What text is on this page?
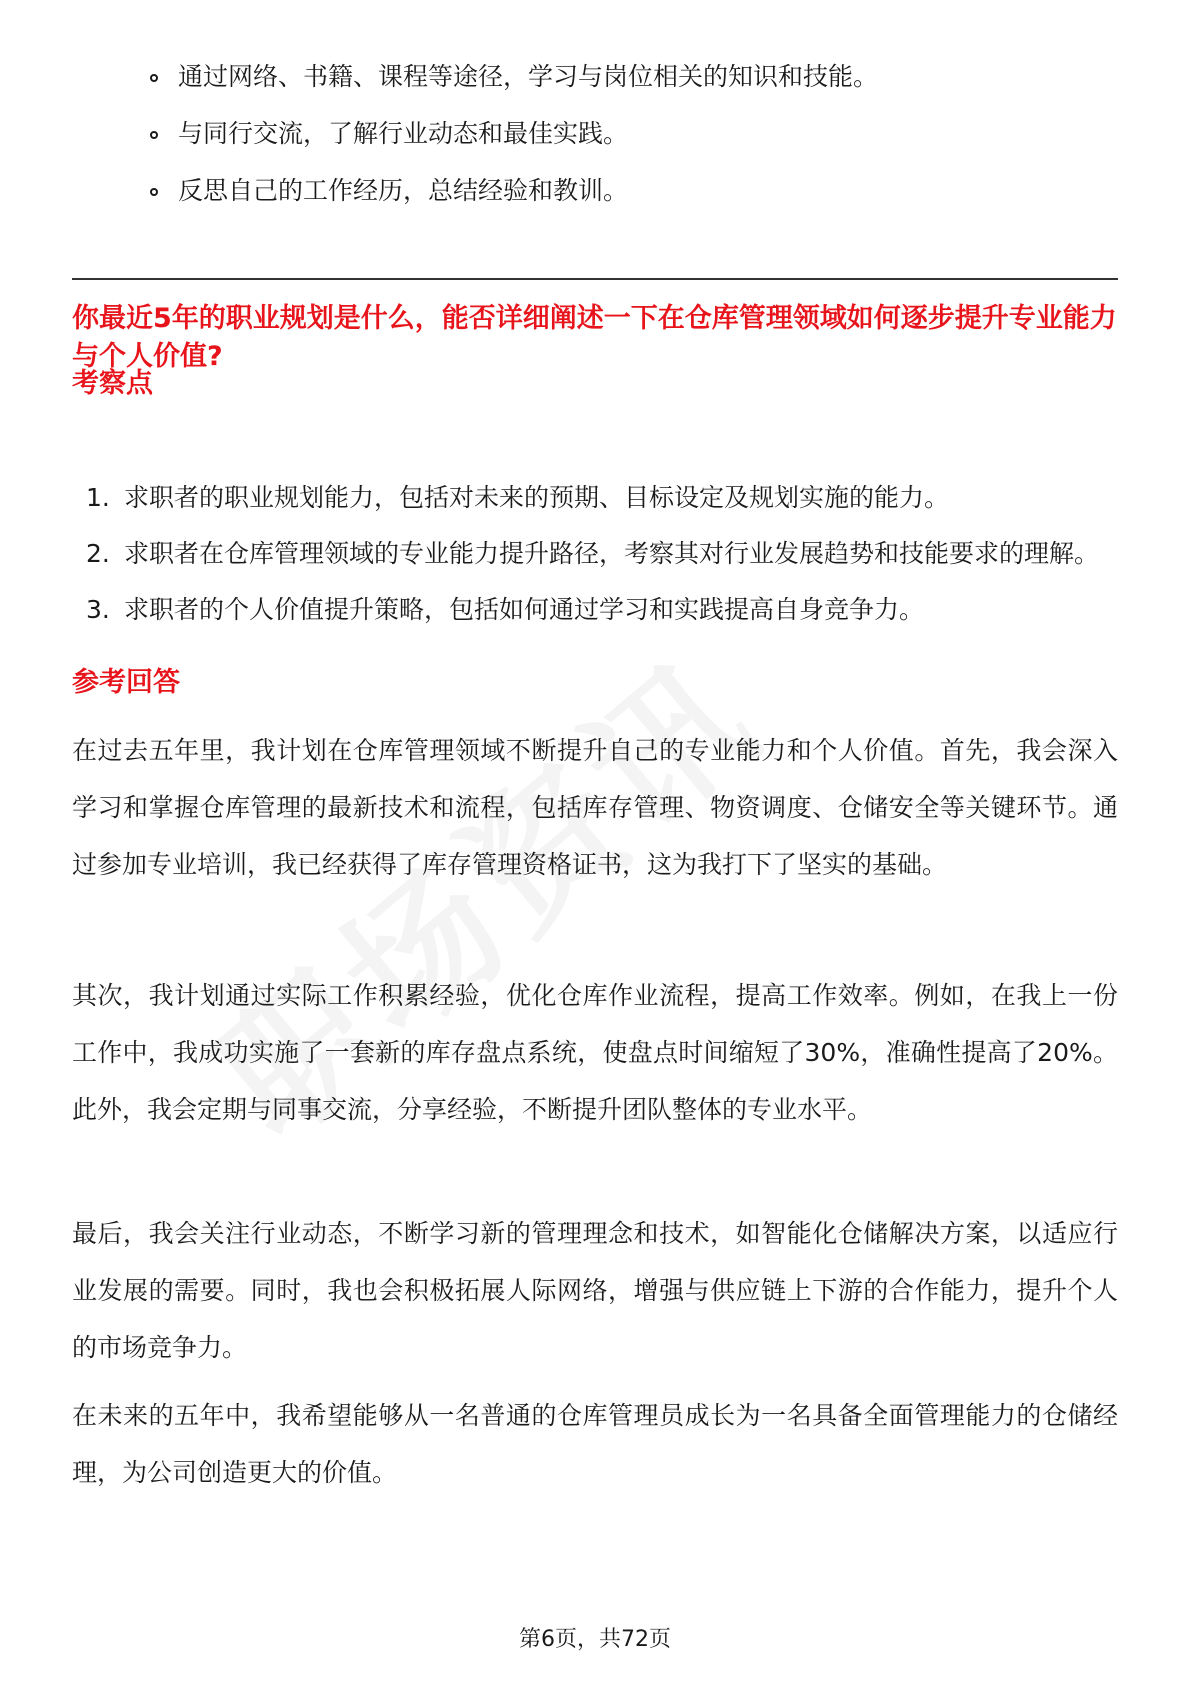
通过网络、书籍、课程等途径，学习与岗位相关的知识和技能。
与同行交流，了解行业动态和最佳实践。
反思自己的工作经历，总结经验和教训。
你最近5年的职业规划是什么，能否详细阐述一下在仓库管理领域如何逐步提升专业能力与个人价值?
考察点
1. 求职者的职业规划能力，包括对未来的预期、目标设定及规划实施的能力。
2. 求职者在仓库管理领域的专业能力提升路径，考察其对行业发展趋势和技能要求的理解。
3. 求职者的个人价值提升策略，包括如何通过学习和实践提高自身竞争力。
参考回答

在过去五年里，我计划在仓库管理领域不断提升自己的专业能力和个人价值。首先，我会深入学习和掌握仓库管理的最新技术和流程，包括库存管理、物资调度、仓储安全等关键环节。通过参加专业培训，我已经获得了库存管理资格证书，这为我打下了坚实的基础。

其次，我计划通过实际工作积累经验，优化仓库作业流程，提高工作效率。例如，在我上一份工作中，我成功实施了一套新的库存盘点系统，使盘点时间缩短了30%，准确性提高了20%。此外，我会定期与同事交流，分享经验，不断提升团队整体的专业水平。

最后，我会关注行业动态，不断学习新的管理理念和技术，如智能化仓储解决方案，以适应行业发展的需要。同时，我也会积极拓展人际网络，增强与供应链上下游的合作能力，提升个人的市场竞争力。

在未来的五年中，我希望能够从一名普通的仓库管理员成长为一名具备全面管理能力的仓储经理，为公司创造更大的价值。

第6页，共72页
